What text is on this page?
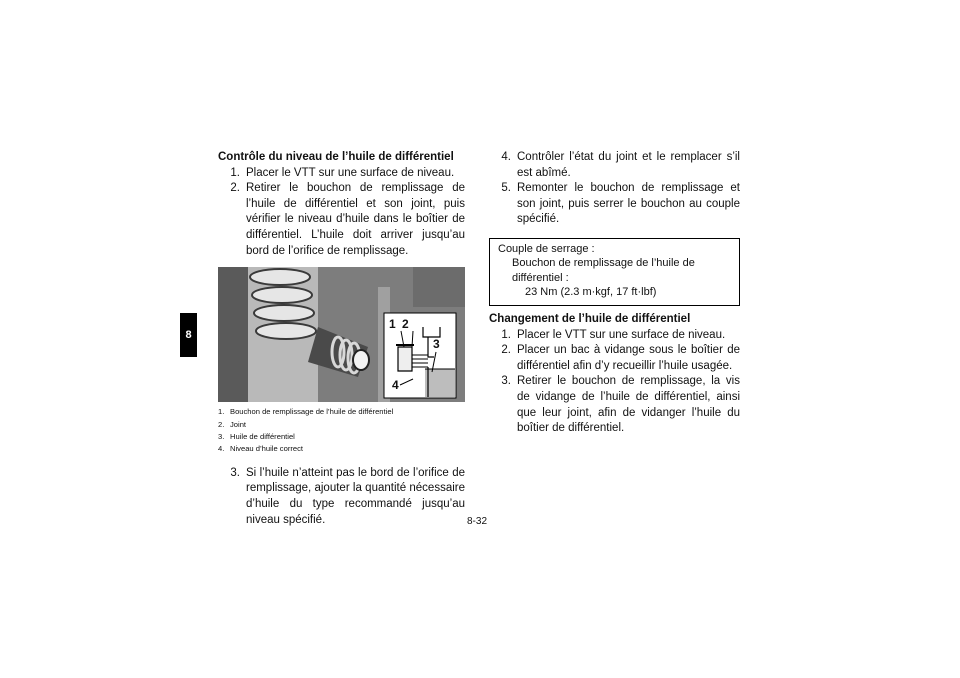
8
Contrôle du niveau de l’huile de différentiel
1. Placer le VTT sur une surface de niveau.
2. Retirer le bouchon de remplissage de l’huile de différentiel et son joint, puis vérifier le niveau d’huile dans le boîtier de différentiel. L’huile doit arriver jusqu’au bord de l’orifice de remplissage.
1 2
3
4
1. Bouchon de remplissage de l’huile de différentiel
2. Joint
3. Huile de différentiel
4. Niveau d’huile correct
3. Si l’huile n’atteint pas le bord de l’orifice de remplissage, ajouter la quantité nécessaire d’huile du type recommandé jusqu’au niveau spécifié.
4. Contrôler l’état du joint et le remplacer s’il est abîmé.
5. Remonter le bouchon de remplissage et son joint, puis serrer le bouchon au couple spécifié.
Couple de serrage :
Bouchon de remplissage de l’huile de différentiel :
23 Nm (2.3 m·kgf, 17 ft·lbf)
Changement de l’huile de différentiel
1. Placer le VTT sur une surface de niveau.
2. Placer un bac à vidange sous le boîtier de différentiel afin d’y recueillir l’huile usagée.
3. Retirer le bouchon de remplissage, la vis de vidange de l’huile de différentiel, ainsi que leur joint, afin de vidanger l’huile du boîtier de différentiel.
8-32
